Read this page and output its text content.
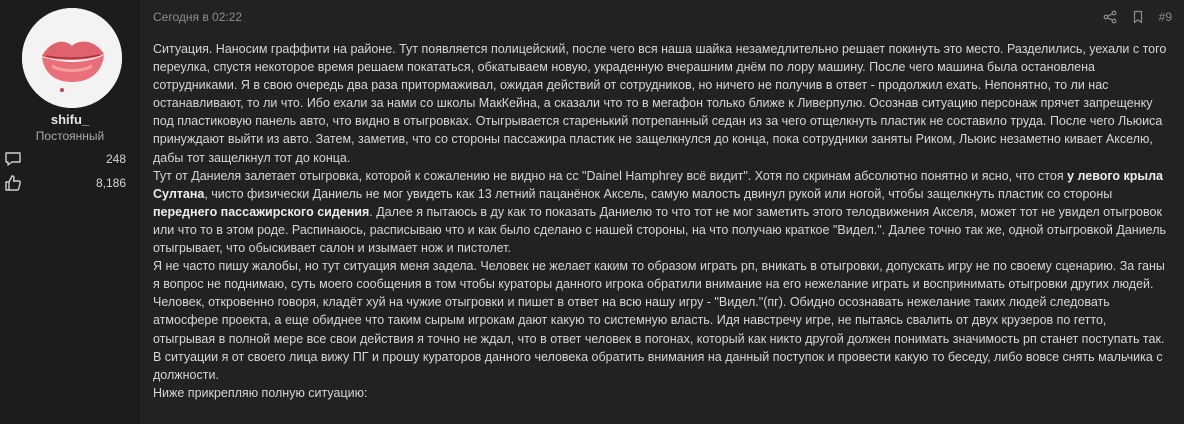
shifu_
Постоянный
248
8,186
Сегодня в 02:22	#9

Ситуация. Наносим граффити на районе. Тут появляется полицейский, после чего вся наша шайка незамедлительно решает покинуть это место. Разделились, уехали с того переулка, спустя некоторое время решаем покататься, обкатываем новую, украденную вчерашним днём по лору машину. После чего машина была остановлена сотрудниками. Я в свою очередь два раза притормаживал, ожидая действий от сотрудников, но ничего не получив в ответ - продолжил ехать. Непонятно, то ли нас останавливают, то ли что. Ибо ехали за нами со школы МакКейна, а сказали что то в мегафон только ближе к Ливерпулю. Осознав ситуацию персонаж прячет запрещенку под пластиковую панель авто, что видно в отыгровках. Отыгрывается старенький потрепанный седан из за чего отщелкнуть пластик не составило труда. После чего Льюиса принуждают выйти из авто. Затем, заметив, что со стороны пассажира пластик не защелкнулся до конца, пока сотрудники заняты Риком, Льюис незаметно кивает Акселю, дабы тот защелкнул тот до конца.

Тут от Даниеля залетает отыгровка, которой к сожалению не видно на сс "Dainel Hamphrey всё видит". Хотя по скринам абсолютно понятно и ясно, что стоя у левого крыла Султана, чисто физически Даниель не мог увидеть как 13 летний пацанёнок Аксель, самую малость двинул рукой или ногой, чтобы защелкнуть пластик со стороны переднего пассажирского сидения. Далее я пытаюсь в ду как то показать Даниелю то что тот не мог заметить этого телодвижения Акселя, может тот не увидел отыгровок или что то в этом роде. Распинаюсь, расписываю что и как было сделано с нашей стороны, на что получаю краткое "Видел.". Далее точно так же, одной отыгровкой Даниель отыгрывает, что обыскивает салон и изымает нож и пистолет.

Я не часто пишу жалобы, но тут ситуация меня задела. Человек не желает каким то образом играть рп, вникать в отыгровки, допускать игру не по своему сценарию. За ганы я вопрос не поднимаю, суть моего сообщения в том чтобы кураторы данного игрока обратили внимание на его нежелание играть и воспринимать отыгровки других людей. Человек, откровенно говоря, кладёт хуй на чужие отыгровки и пишет в ответ на всю нашу игру - "Видел."(пг). Обидно осознавать нежелание таких людей следовать атмосфере проекта, а еще обиднее что таким сырым игрокам дают какую то системную власть. Идя навстречу игре, не пытаясь свалить от двух крузеров по гетто, отыгрывая в полной мере все свои действия я точно не ждал, что в ответ человек в погонах, который как никто другой должен понимать значимость рп станет поступать так.

В ситуации я от своего лица вижу ПГ и прошу кураторов данного человека обратить внимания на данный поступок и провести какую то беседу, либо вовсе снять мальчика с должности.

Ниже прикрепляю полную ситуацию:
